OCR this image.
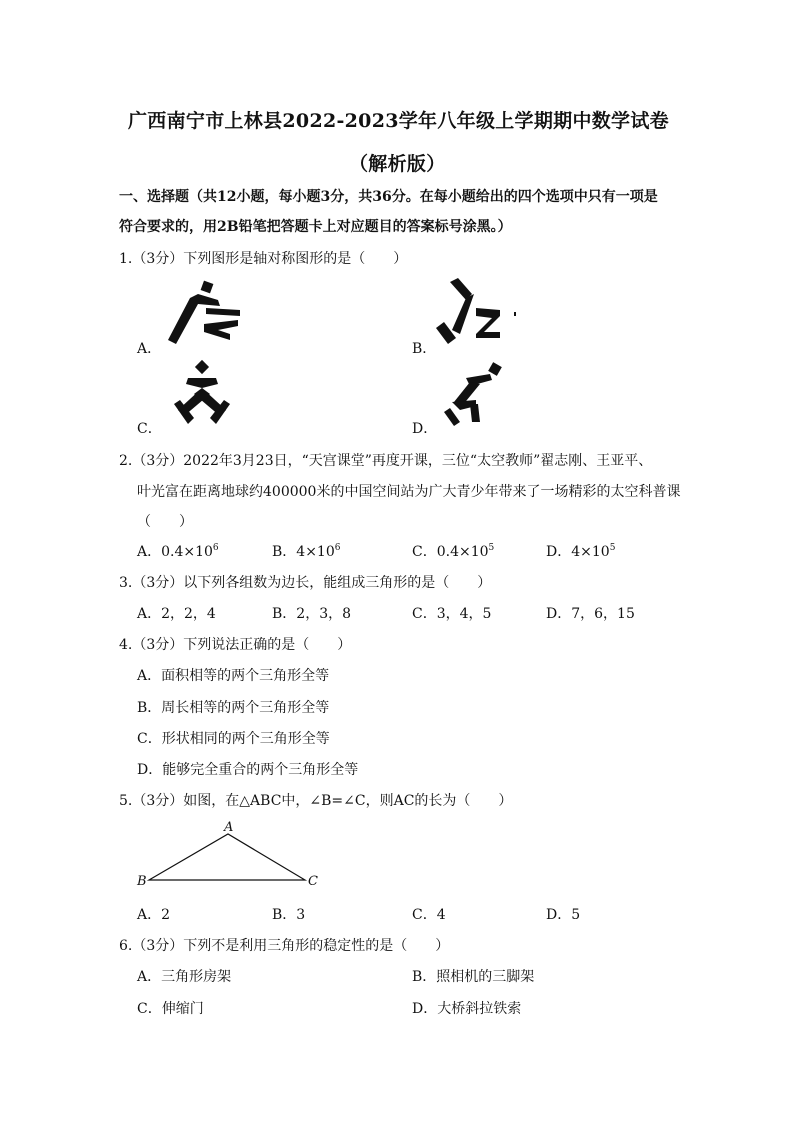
广西南宁市上林县2022-2023学年八年级上学期期中数学试卷
（解析版）
一、选择题（共12小题，每小题3分，共36分。在每小题给出的四个选项中只有一项是
符合要求的，用2B铅笔把答题卡上对应题目的答案标号涂黑。）
1.（3分）下列图形是轴对称图形的是（　　）
A．	B．
C．	D．
2.（3分）2022年3月23日，“天宫课堂”再度开课，三位“太空教师”翟志刚、王亚平、
叶光富在距离地球约400000米的中国空间站为广大青少年带来了一场精彩的太空科普课
（　　）
A．$0.4\times 10^6$	B．$4\times 10^6$	C．$0.4\times 10^5$	D．$4\times 10^5$
3.（3分）以下列各组数为边长，能组成三角形的是（　　）
A．2，2，4	B．2，3，8	C．3，4，5	D．7，6，15
4.（3分）下列说法正确的是（　　）
A．面积相等的两个三角形全等
B．周长相等的两个三角形全等
C．形状相同的两个三角形全等
D．能够完全重合的两个三角形全等
5.（3分）如图，在△ABC中，∠B=∠C，则AC的长为（　　）
A
B	C
A．2	B．3	C．4	D．5
6.（3分）下列不是利用三角形的稳定性的是（　　）
A．三角形房架	B．照相机的三脚架
C．伸缩门	D．大桥斜拉铁索
